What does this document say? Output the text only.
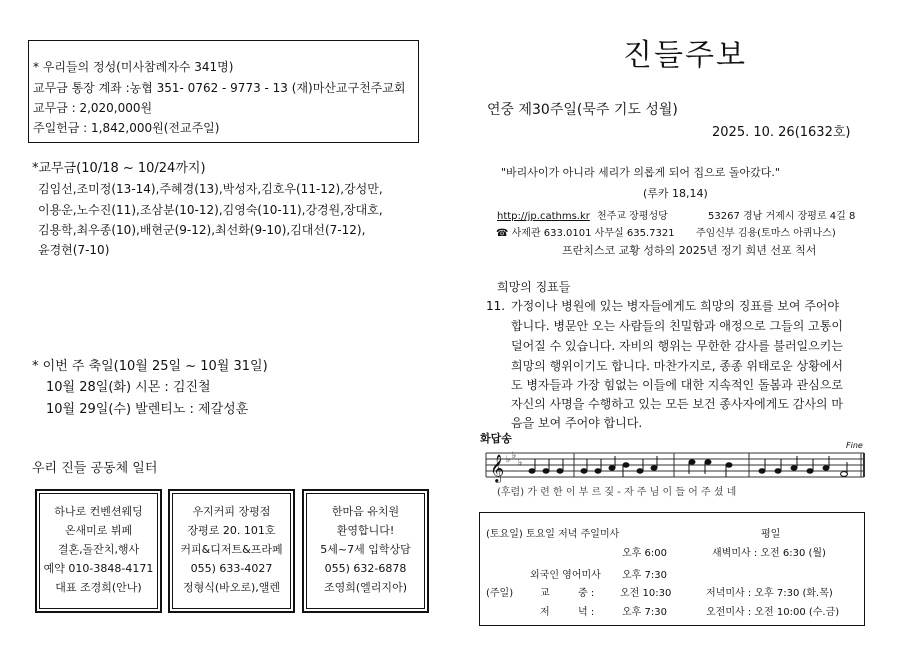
* 우리들의 정성(미사참례자수 341명)
교무금 통장 계좌 :농협 351- 0762 - 9773 - 13 (재)마산교구천주교회
교무금 : 2,020,000원
주일헌금 : 1,842,000원(전교주일)
*교무금(10/18 ~ 10/24까지)
김임선,조미정(13-14),주혜경(13),박성자,김호우(11-12),강성만,
이용운,노수진(11),조삼분(10-12),김영숙(10-11),강경원,장대호,
김용학,최우종(10),배현군(9-12),최선화(9-10),김대선(7-12),
윤경현(7-10)
* 이번 주 축일(10월 25일 ~ 10월 31일)
10월 28일(화) 시몬 : 김진철
10월 29일(수) 발렌티노 : 제갈성훈
우리 진들 공동체 일터
하나로 컨벤션웨딩
온새미로 뷔페
결혼,돌잔치,행사
예약 010-3848-4171
대표 조경희(안나)
우지커피 장평점
장평로 20. 101호
커피&디저트&프라페
055) 633-4027
정형식(바오로),앨렌
한마음 유치원
환영합니다!
5세~7세 입학상담
055) 632-6878
조영희(엘리지아)
진들주보
연중 제30주일(묵주 기도 성월)
2025. 10. 26(1632호)
"바리사이가 아니라 세리가 의롭게 되어 집으로 돌아갔다."
(루카 18,14)
http://jp.cathms.kr 천주교 장평성당	53267 경남 거제시 장평로 4길 8
☎ 사제관 633.0101 사무실 635.7321 주임신부 김용(토마스 아퀴나스)
프란치스코 교황 성하의 2025년 정기 희년 선포 칙서
희망의 징표들
11. 가정이나 병원에 있는 병자들에게도 희망의 징표를 보여 주어야
합니다. 병문안 오는 사람들의 친밀함과 애정으로 그들의 고통이
덜어질 수 있습니다. 자비의 행위는 무한한 감사를 불러일으키는
희망의 행위이기도 합니다. 마찬가지로, 종종 위태로운 상황에서
도 병자들과 가장 힘없는 이들에 대한 지속적인 돌봄과 관심으로
자신의 사명을 수행하고 있는 모든 보건 종사자에게도 감사의 마
음을 보여 주어야 합니다.
화답송
𝄞 ♭ ♭
♭
Fine
(후렴) 가 련 한 이 부 르 짖 - 자 주 님 이 들 어 주 셨 네
(토요일) 토요일 저녁 주일미사	평일
오후 6:00	새벽미사 : 오전 6:30 (월)
외국인 영어미사 오후 7:30
(주일)	교	중 :	오전 10:30	저녁미사 : 오후 7:30 (화.목)
저	녁 :	오후 7:30	오전미사 : 오전 10:00 (수.금)
